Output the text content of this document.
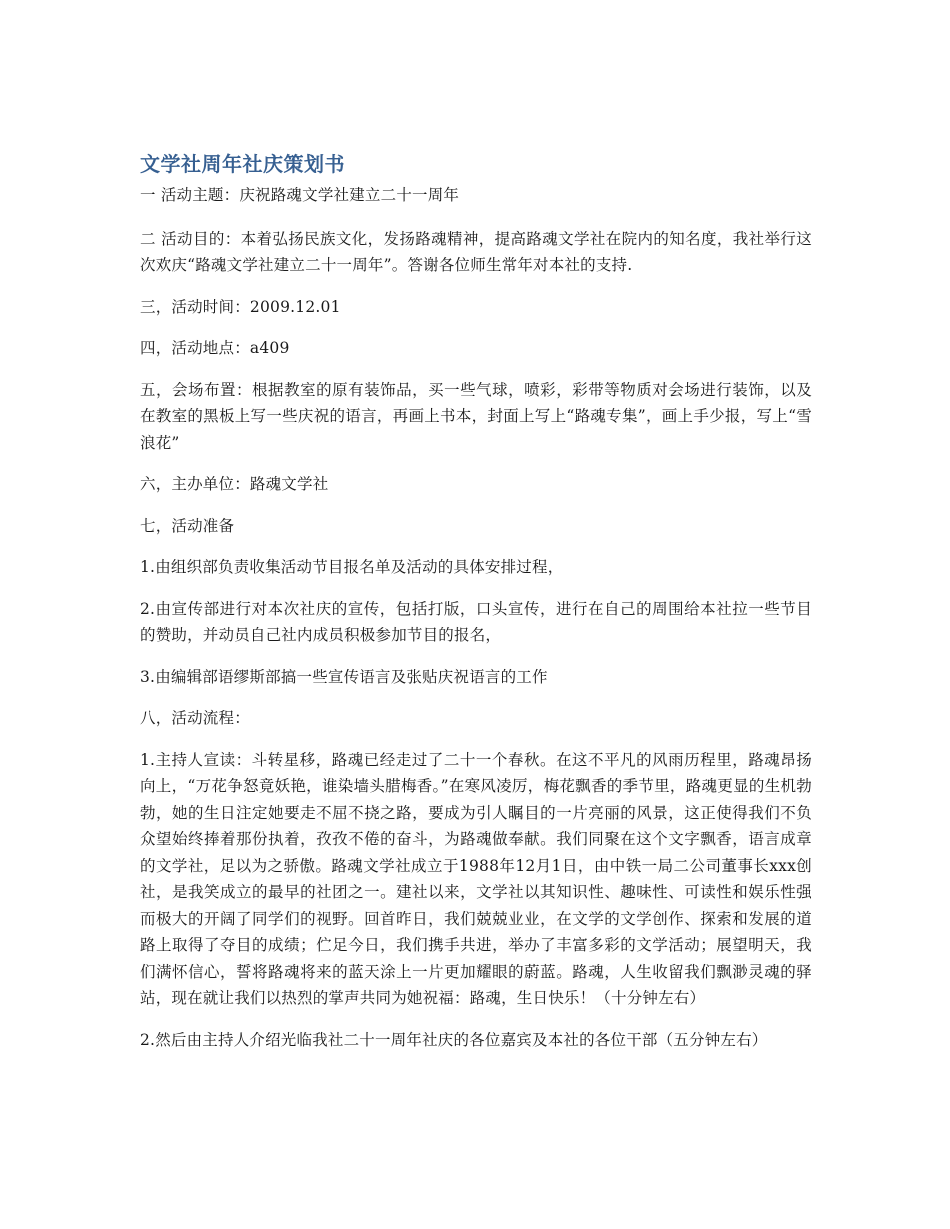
文学社周年社庆策划书

一 活动主题：庆祝路魂文学社建立二十一周年

二 活动目的：本着弘扬民族文化，发扬路魂精神，提高路魂文学社在院内的知名度，我社举行这次欢庆“路魂文学社建立二十一周年”。答谢各位师生常年对本社的支持.

三，活动时间：2009.12.01

四，活动地点：a409

五，会场布置：根据教室的原有装饰品，买一些气球，喷彩，彩带等物质对会场进行装饰，以及在教室的黑板上写一些庆祝的语言，再画上书本，封面上写上“路魂专集”，画上手少报，写上“雪浪花”

六，主办单位：路魂文学社

七，活动准备

1.由组织部负责收集活动节目报名单及活动的具体安排过程，

2.由宣传部进行对本次社庆的宣传，包括打版，口头宣传，进行在自己的周围给本社拉一些节目的赞助，并动员自己社内成员积极参加节目的报名，

3.由编辑部语缪斯部搞一些宣传语言及张贴庆祝语言的工作

八，活动流程：

1.主持人宣读：斗转星移，路魂已经走过了二十一个春秋。在这不平凡的风雨历程里，路魂昂扬向上，“万花争怒竟妖艳，谁染墙头腊梅香。”在寒风凌厉，梅花飘香的季节里，路魂更显的生机勃勃，她的生日注定她要走不屈不挠之路，要成为引人瞩目的一片亮丽的风景，这正使得我们不负众望始终捧着那份执着，孜孜不倦的奋斗，为路魂做奉献。我们同聚在这个文字飘香，语言成章的文学社，足以为之骄傲。路魂文学社成立于1988年12月1日，由中铁一局二公司董事长xxx创社，是我笑成立的最早的社团之一。建社以来，文学社以其知识性、趣味性、可读性和娱乐性强而极大的开阔了同学们的视野。回首昨日，我们兢兢业业，在文学的文学创作、探索和发展的道路上取得了夺目的成绩；伫足今日，我们携手共进，举办了丰富多彩的文学活动；展望明天，我们满怀信心，誓将路魂将来的蓝天涂上一片更加耀眼的蔚蓝。路魂，人生收留我们飘渺灵魂的驿站，现在就让我们以热烈的掌声共同为她祝福：路魂，生日快乐！（十分钟左右）

2.然后由主持人介绍光临我社二十一周年社庆的各位嘉宾及本社的各位干部（五分钟左右）
